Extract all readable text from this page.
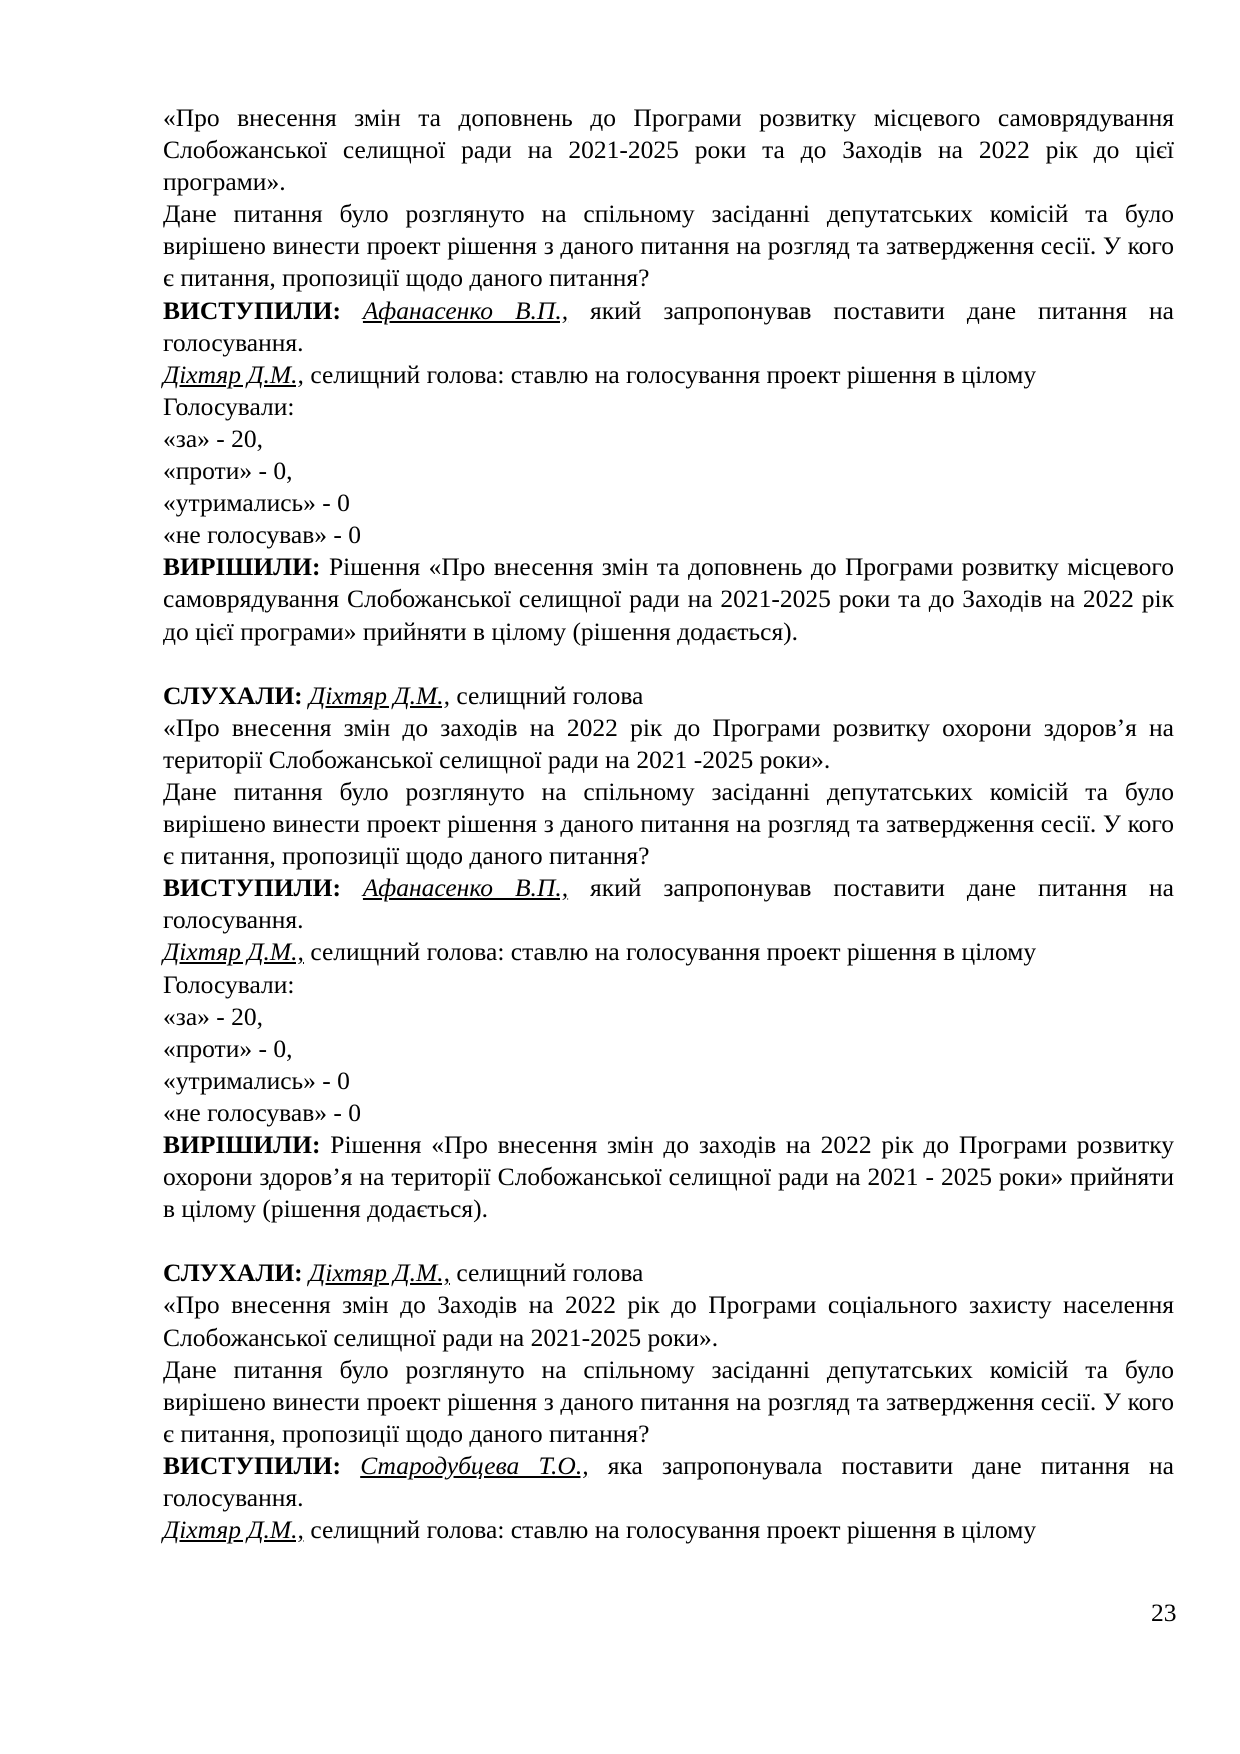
«Про внесення змін та доповнень до Програми розвитку місцевого самоврядування Слобожанської селищної ради на 2021-2025 роки та до Заходів на 2022 рік до цієї програми».

Дане питання було розглянуто на спільному засіданні депутатських комісій та було вирішено винести проект рішення з даного питання на розгляд та затвердження сесії. У кого є питання, пропозиції щодо даного питання?

ВИСТУПИЛИ: Афанасенко В.П., який запропонував поставити дане питання на голосування.

Діхтяр Д.М., селищний голова: ставлю на голосування проект рішення в цілому

Голосували:

«за» - 20,

«проти» - 0,

«утримались» - 0

«не голосував» - 0

ВИРІШИЛИ: Рішення «Про внесення змін та доповнень до Програми розвитку місцевого самоврядування Слобожанської селищної ради на 2021-2025 роки та до Заходів на 2022 рік до цієї програми» прийняти в цілому (рішення додається).

СЛУХАЛИ: Діхтяр Д.М., селищний голова

«Про внесення змін до заходів на 2022 рік до Програми розвитку охорони здоров’я на території Слобожанської селищної ради на 2021 -2025 роки».

Дане питання було розглянуто на спільному засіданні депутатських комісій та було вирішено винести проект рішення з даного питання на розгляд та затвердження сесії. У кого є питання, пропозиції щодо даного питання?

ВИСТУПИЛИ: Афанасенко В.П., який запропонував поставити дане питання на голосування.

Діхтяр Д.М., селищний голова: ставлю на голосування проект рішення в цілому

Голосували:

«за» - 20,

«проти» - 0,

«утримались» - 0

«не голосував» - 0

ВИРІШИЛИ: Рішення «Про внесення змін до заходів на 2022 рік до Програми розвитку охорони здоров’я на території Слобожанської селищної ради на 2021 - 2025 роки» прийняти в цілому (рішення додається).

СЛУХАЛИ: Діхтяр Д.М., селищний голова

«Про внесення змін до Заходів на 2022 рік до Програми соціального захисту населення Слобожанської селищної ради на 2021-2025 роки».

Дане питання було розглянуто на спільному засіданні депутатських комісій та було вирішено винести проект рішення з даного питання на розгляд та затвердження сесії. У кого є питання, пропозиції щодо даного питання?

ВИСТУПИЛИ: Стародубцева Т.О., яка запропонувала поставити дане питання на голосування.

Діхтяр Д.М., селищний голова: ставлю на голосування проект рішення в цілому

23
